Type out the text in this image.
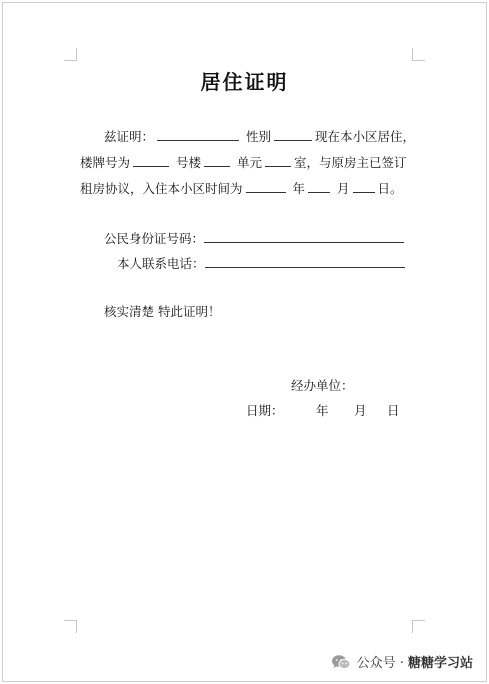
居住证明
兹证明：	性别	现在本小区居住，
楼牌号为	号楼	单元	室，与原房主已签订
租房协议，入住本小区时间为	年	月 日。
公民身份证号码：
本人联系电话：
核实清楚 特此证明！
经办单位：
日期：	年 月 日
公众号 ·
糖糖学习站
